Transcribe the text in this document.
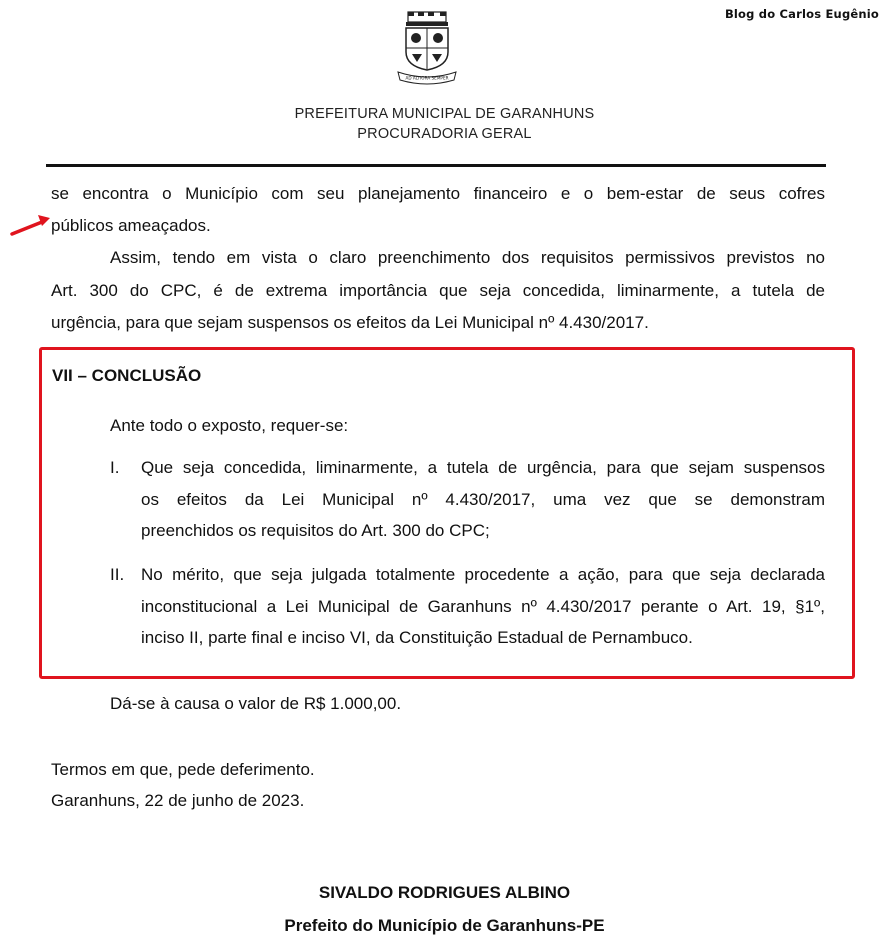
Blog do Carlos Eugênio
AD ALTIORA SEMPER
PREFEITURA MUNICIPAL DE GARANHUNS
PROCURADORIA GERAL
se encontra o Município com seu planejamento financeiro e o bem-estar de seus cofres
públicos ameaçados.
Assim, tendo em vista o claro preenchimento dos requisitos permissivos previstos no
Art. 300 do CPC, é de extrema importância que seja concedida, liminarmente, a tutela de
urgência, para que sejam suspensos os efeitos da Lei Municipal nº 4.430/2017.
VII – CONCLUSÃO
Ante todo o exposto, requer-se:
I. Que seja concedida, liminarmente, a tutela de urgência, para que sejam suspensos
os efeitos da Lei Municipal nº 4.430/2017, uma vez que se demonstram
preenchidos os requisitos do Art. 300 do CPC;
II. No mérito, que seja julgada totalmente procedente a ação, para que seja declarada
inconstitucional a Lei Municipal de Garanhuns nº 4.430/2017 perante o Art. 19, §1º,
inciso II, parte final e inciso VI, da Constituição Estadual de Pernambuco.
Dá-se à causa o valor de R$ 1.000,00.
Termos em que, pede deferimento.
Garanhuns, 22 de junho de 2023.
SIVALDO RODRIGUES ALBINO
Prefeito do Município de Garanhuns-PE
